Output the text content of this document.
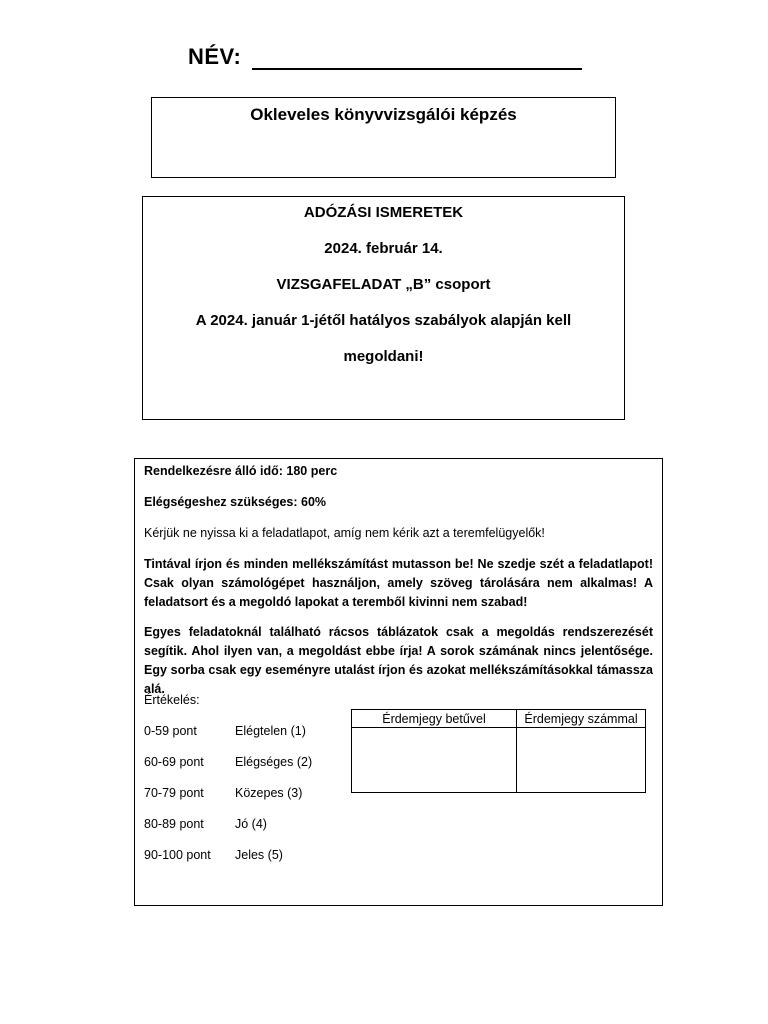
NÉV:
Okleveles könyvvizsgálói képzés
ADÓZÁSI ISMERETEK
2024. február 14.
VIZSGAFELADAT „B” csoport
A 2024. január 1-jétől hatályos szabályok alapján kell
megoldani!

Rendelkezésre álló idő: 180 perc

Elégségeshez szükséges: 60%

Kérjük ne nyissa ki a feladatlapot, amíg nem kérik azt a teremfelügyelők!

Tintával írjon és minden mellékszámítást mutasson be! Ne szedje szét a feladatlapot! Csak olyan számológépet használjon, amely szöveg tárolására nem alkalmas! A feladatsort és a megoldó lapokat a teremből kivinni nem szabad!

Egyes feladatoknál található rácsos táblázatok csak a megoldás rendszerezését segítik. Ahol ilyen van, a megoldást ebbe írja! A sorok számának nincs jelentősége. Egy sorba csak egy eseményre utalást írjon és azokat mellékszámításokkal támassza alá.

Értékelés:

0-59 pont	Elégtelen (1)
60-69 pont Elégséges (2)
70-79 pont Közepes (3)
80-89 pont Jó (4)
90-100 pont Jeles (5)
Érdemjegy betűvel	Érdemjegy számmal
